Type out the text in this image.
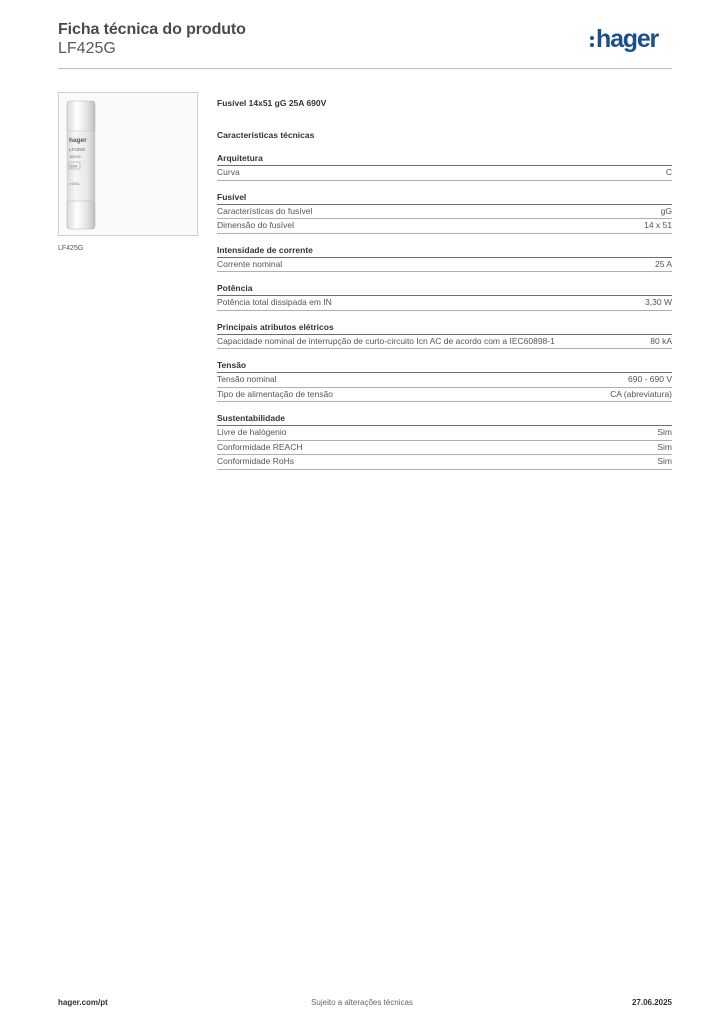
Ficha técnica do produto
LF425G	hager
hager
LF425G
486290
25A
≈400A
LF425G
Fusível 14x51 gG 25A 690V
Características técnicas
Arquitetura
Curva	C
Fusível
Características do fusível	gG
Dimensão do fusível	14 x 51
Intensidade de corrente
Corrente nominal	25 A
Potência
Potência total dissipada em IN	3,30 W
Principais atributos elétricos
Capacidade nominal de interrupção de curto-circuito Icn AC de acordo com a IEC60898-1	80 kA
Tensão
Tensão nominal	690 - 690 V
Tipo de alimentação de tensão	CA (abreviatura)
Sustentabilidade
Livre de halógenio	Sim
Conformidade REACH	Sim
Conformidade RoHs	Sim
hager.com/pt	Sujeito a alterações técnicas	27.06.2025
